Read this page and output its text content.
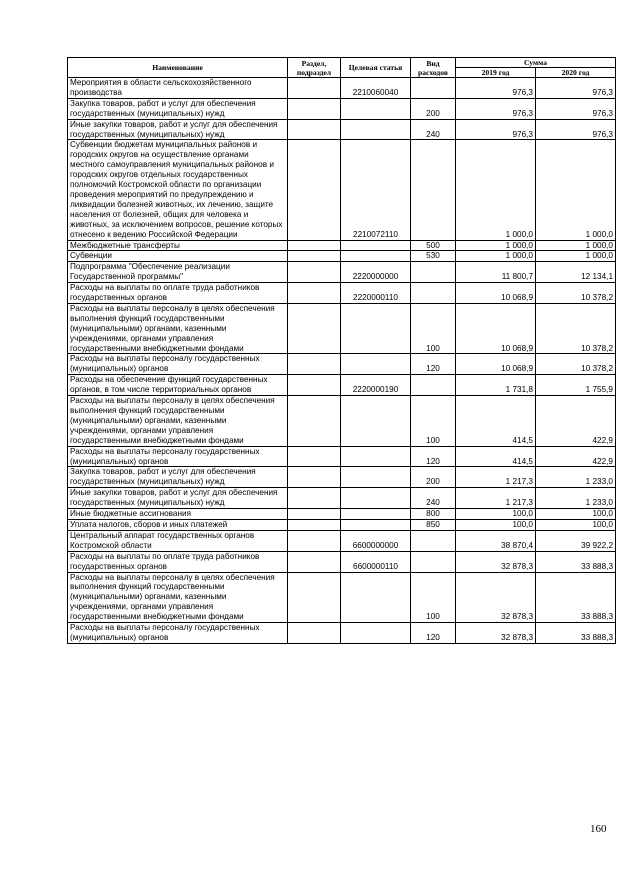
Наименование	Раздел, подраздел	Целевая статья	Вид расходов	Сумма	
				2019 год	2020 год
Мероприятия в области сельскохозяйственного производства		2210060040		976,3	976,3
Закупка товаров, работ и услуг для обеспечения государственных (муниципальных) нужд			200	976,3	976,3
Иные закупки товаров, работ и услуг для обеспечения государственных (муниципальных) нужд			240	976,3	976,3
Субвенции бюджетам муниципальных районов и городских округов на осуществление органами местного самоуправления муниципальных районов и городских округов отдельных государственных полномочий Костромской области по организации проведения мероприятий по предупреждению и ликвидации болезней животных, их лечению, защите населения от болезней, общих для человека и животных, за исключением вопросов, решение которых отнесено к ведению Российской Федерации		2210072110		1 000,0	1 000,0
Межбюджетные трансферты			500	1 000,0	1 000,0
Субвенции			530	1 000,0	1 000,0
Подпрограмма "Обеспечение реализации Государственной программы"		2220000000		11 800,7	12 134,1
Расходы на выплаты по оплате труда работников государственных органов		2220000110		10 068,9	10 378,2
Расходы на выплаты персоналу в целях обеспечения выполнения функций государственными (муниципальными) органами, казенными учреждениями, органами управления государственными внебюджетными фондами			100	10 068,9	10 378,2
Расходы на выплаты персоналу государственных (муниципальных) органов			120	10 068,9	10 378,2
Расходы на обеспечение функций государственных органов, в том числе территориальных органов		2220000190		1 731,8	1 755,9
Расходы на выплаты персоналу в целях обеспечения выполнения функций государственными (муниципальными) органами, казенными учреждениями, органами управления государственными внебюджетными фондами			100	414,5	422,9
Расходы на выплаты персоналу государственных (муниципальных) органов			120	414,5	422,9
Закупка товаров, работ и услуг для обеспечения государственных (муниципальных) нужд			200	1 217,3	1 233,0
Иные закупки товаров, работ и услуг для обеспечения государственных (муниципальных) нужд			240	1 217,3	1 233,0
Иные бюджетные ассигнования			800	100,0	100,0
Уплата налогов, сборов и иных платежей			850	100,0	100,0
Центральный аппарат государственных органов Костромской области		6600000000		38 870,4	39 922,2
Расходы на выплаты по оплате труда работников государственных органов		6600000110		32 878,3	33 888,3
Расходы на выплаты персоналу в целях обеспечения выполнения функций государственными (муниципальными) органами, казенными учреждениями, органами управления государственными внебюджетными фондами			100	32 878,3	33 888,3
Расходы на выплаты персоналу государственных (муниципальных) органов			120	32 878,3	33 888,3
160
